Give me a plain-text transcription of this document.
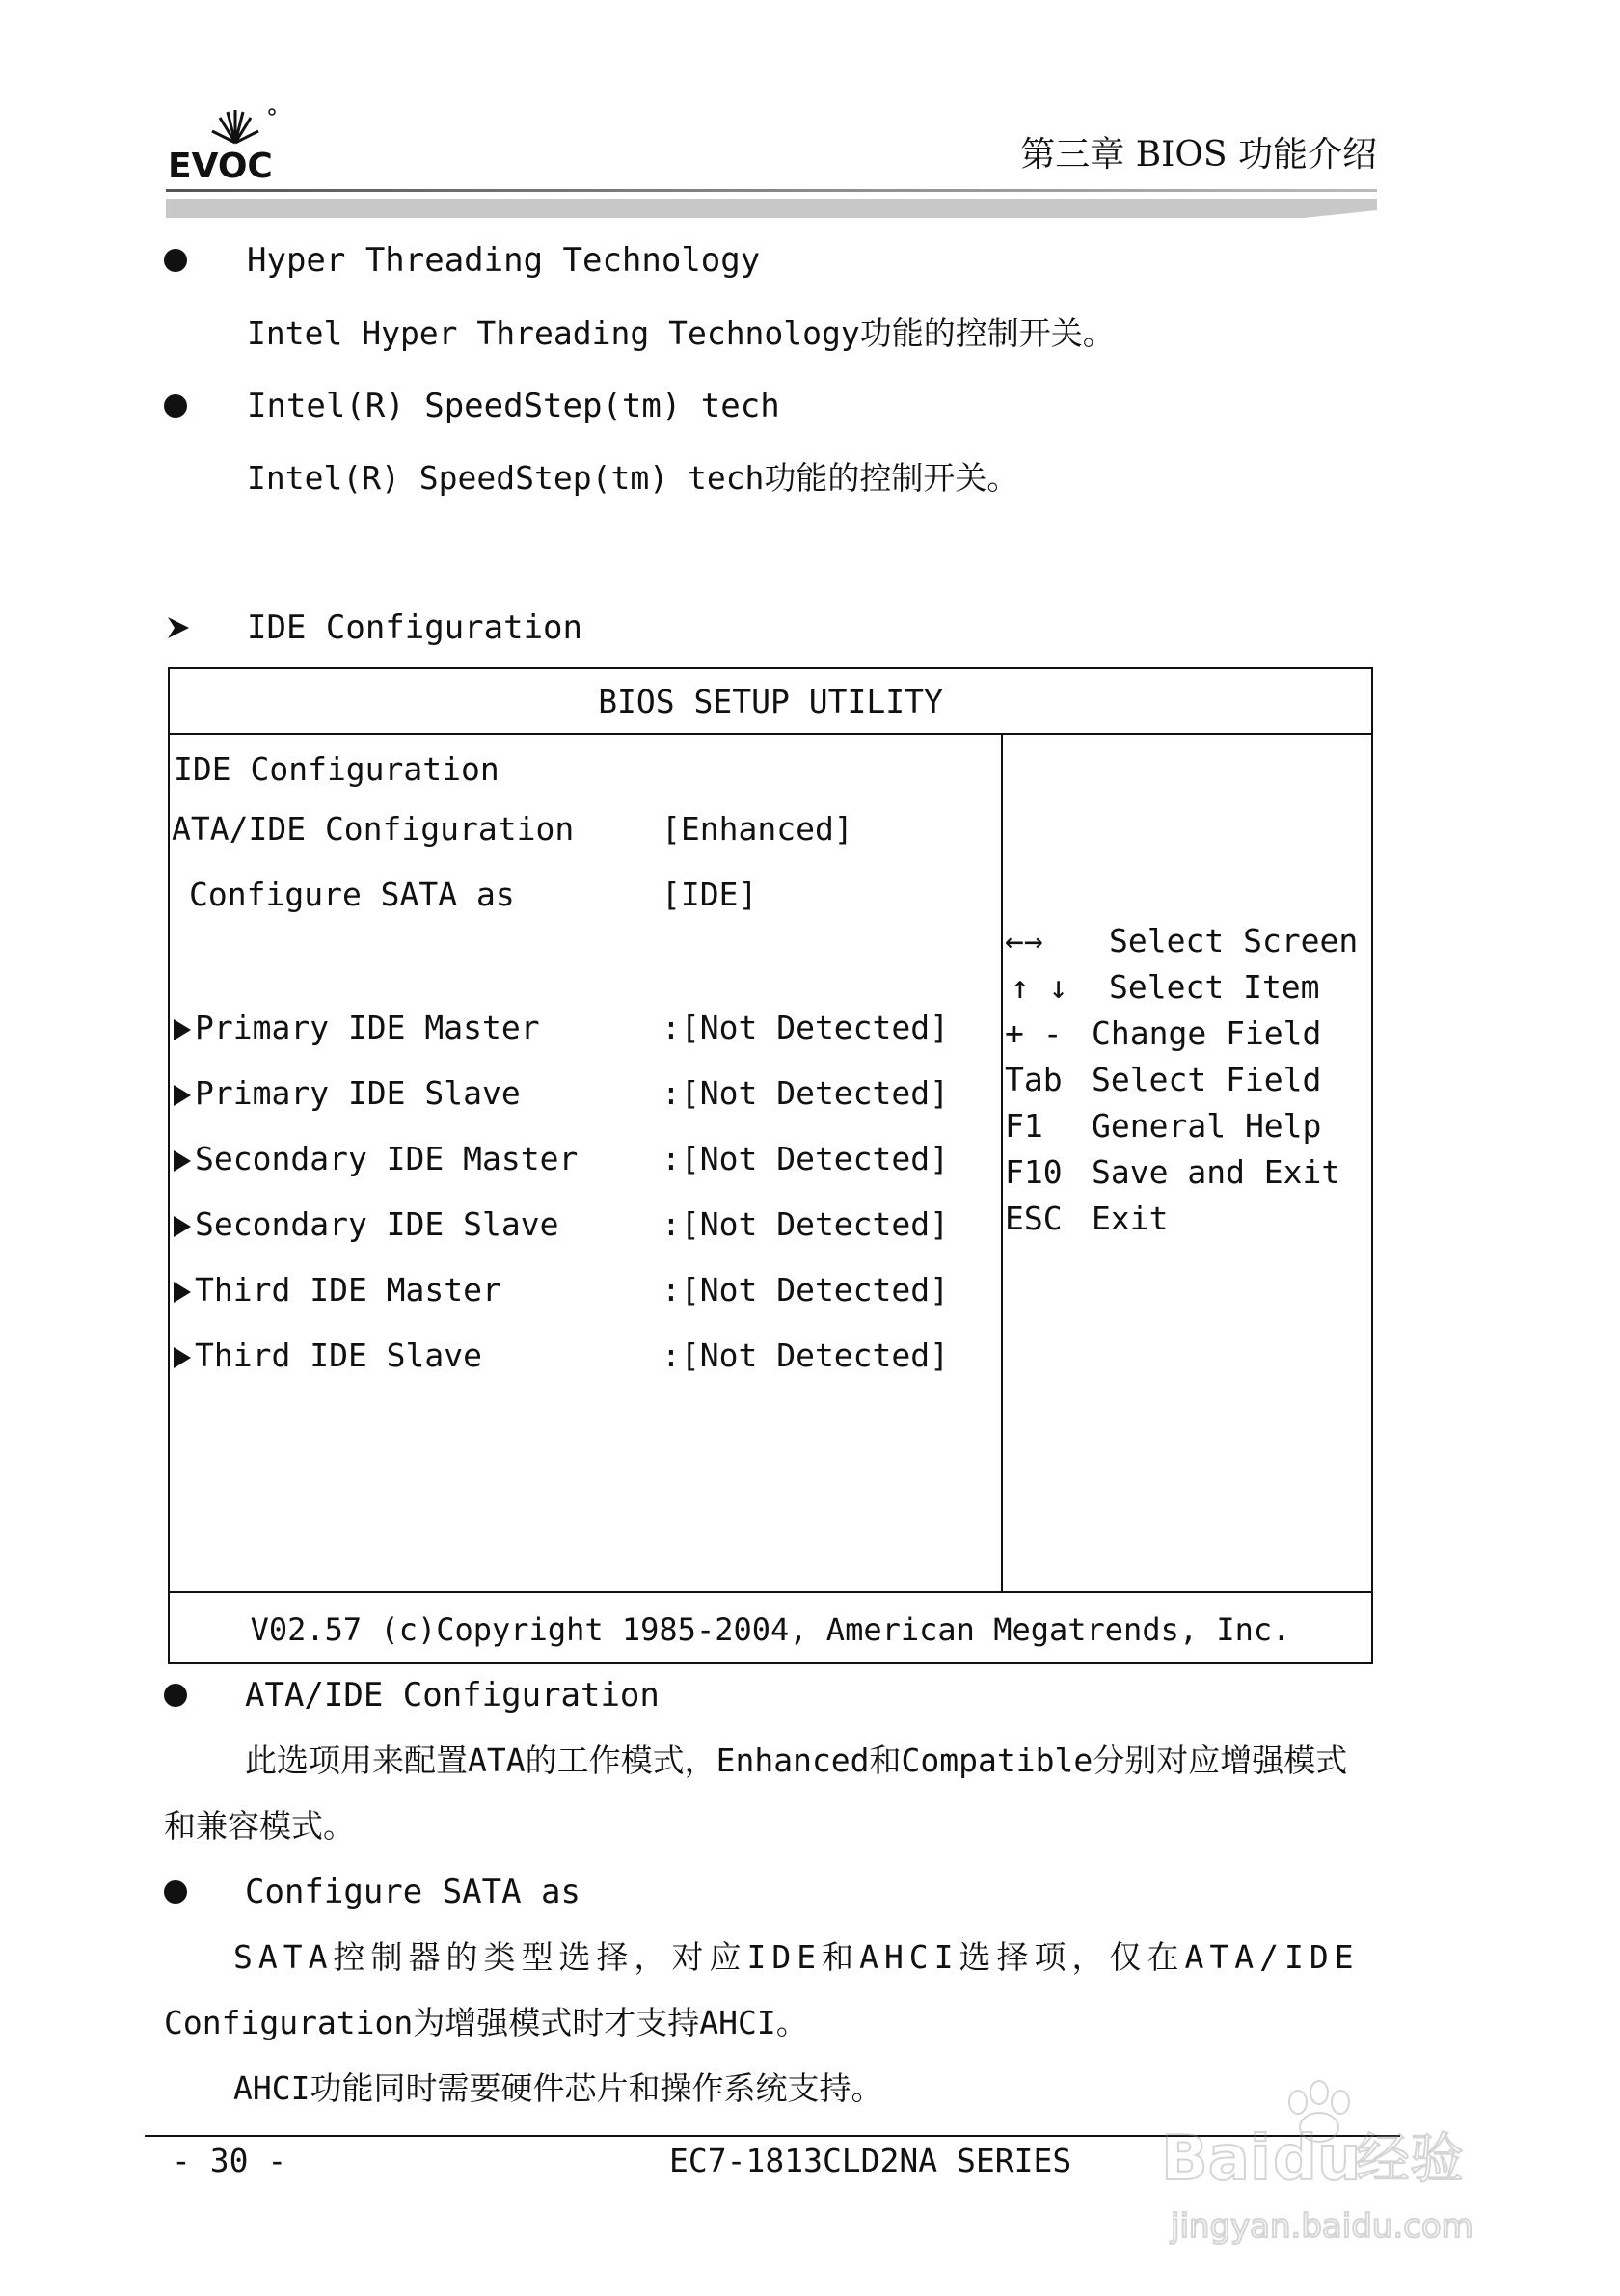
EVOC	第三章 BIOS 功能介绍
Hyper Threading Technology
Intel Hyper Threading Technology功能的控制开关。
Intel(R) SpeedStep(tm) tech
Intel(R) SpeedStep(tm) tech功能的控制开关。
IDE Configuration
BIOS SETUP UTILITY
IDE Configuration
ATA/IDE Configuration	[Enhanced]
Configure SATA as	[IDE]
Primary IDE Master	:[Not Detected]
Primary IDE Slave	:[Not Detected]
Secondary IDE Master	:[Not Detected]
Secondary IDE Slave	:[Not Detected]
Third IDE Master	:[Not Detected]
Third IDE Slave	:[Not Detected]
←→ Select Screen
↑ ↓ Select Item
+ - Change Field
Tab Select Field
F1 General Help
F10 Save and Exit
ESC Exit
V02.57 (c)Copyright 1985-2004, American Megatrends, Inc.
ATA/IDE Configuration
此选项用来配置ATA的工作模式，Enhanced和Compatible分别对应增强模式
和兼容模式。
Configure SATA as
SATA控制器的类型选择，对应IDE和AHCI选择项，仅在ATA/IDE
Configuration为增强模式时才支持AHCI。
AHCI功能同时需要硬件芯片和操作系统支持。
- 30 -	EC7-1813CLD2NA SERIES Bai du
经验
jingyan.baidu.com
